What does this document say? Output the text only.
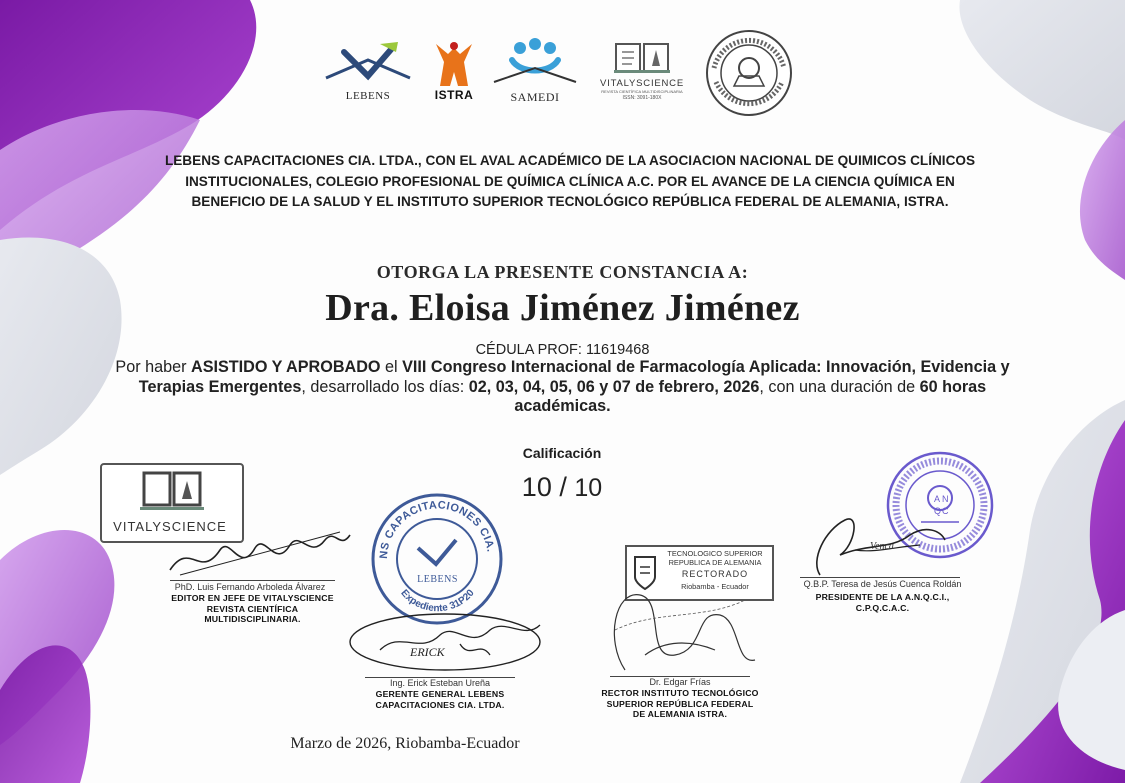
LEBENS	ISTRA	SAMEDI
VITALYSCIENCE
REVISTA CIENTÍFICA MULTIDISCIPLINARIA
ISSN: 3091-180X
LEBENS CAPACITACIONES CIA. LTDA., CON EL AVAL ACADÉMICO DE LA ASOCIACION NACIONAL DE QUIMICOS CLÍNICOS INSTITUCIONALES, COLEGIO PROFESIONAL DE QUÍMICA CLÍNICA A.C. POR EL AVANCE DE LA CIENCIA QUÍMICA EN BENEFICIO DE LA SALUD Y EL INSTITUTO SUPERIOR TECNOLÓGICO REPÚBLICA FEDERAL DE ALEMANIA, ISTRA.
OTORGA LA PRESENTE CONSTANCIA A:
Dra. Eloisa Jiménez Jiménez
CÉDULA PROF: 11619468
Por haber ASISTIDO Y APROBADO el VIII Congreso Internacional de Farmacología Aplicada: Innovación, Evidencia y Terapias Emergentes, desarrollado los días: 02, 03, 04, 05, 06 y 07 de febrero, 2026, con una duración de 60 horas académicas.
Calificación
10 / 10
VITALYSCIENCE
PhD. Luis Fernando Arboleda Álvarez
EDITOR EN JEFE DE VITALYSCIENCE REVISTA CIENTÍFICA MULTIDISCIPLINARIA.
NS CAPACITACIONES CIA.
Expediente 31P20
LEBENS
ERICK
Ing. Erick Esteban Ureña
GERENTE GENERAL LEBENS CAPACITACIONES CIA. LTDA.
TECNOLOGICO SUPERIOR
REPUBLICA DE ALEMANIA
RECTORADO
Riobamba - Ecuador
Dr. Edgar Frías
RECTOR INSTITUTO TECNOLÓGICO SUPERIOR REPÚBLICA FEDERAL DE ALEMANIA ISTRA.
A N
Q C
Venca
Q.B.P. Teresa de Jesús Cuenca Roldán
PRESIDENTE DE LA A.N.Q.C.I., C.P.Q.C.A.C.
Marzo de 2026, Riobamba-Ecuador
